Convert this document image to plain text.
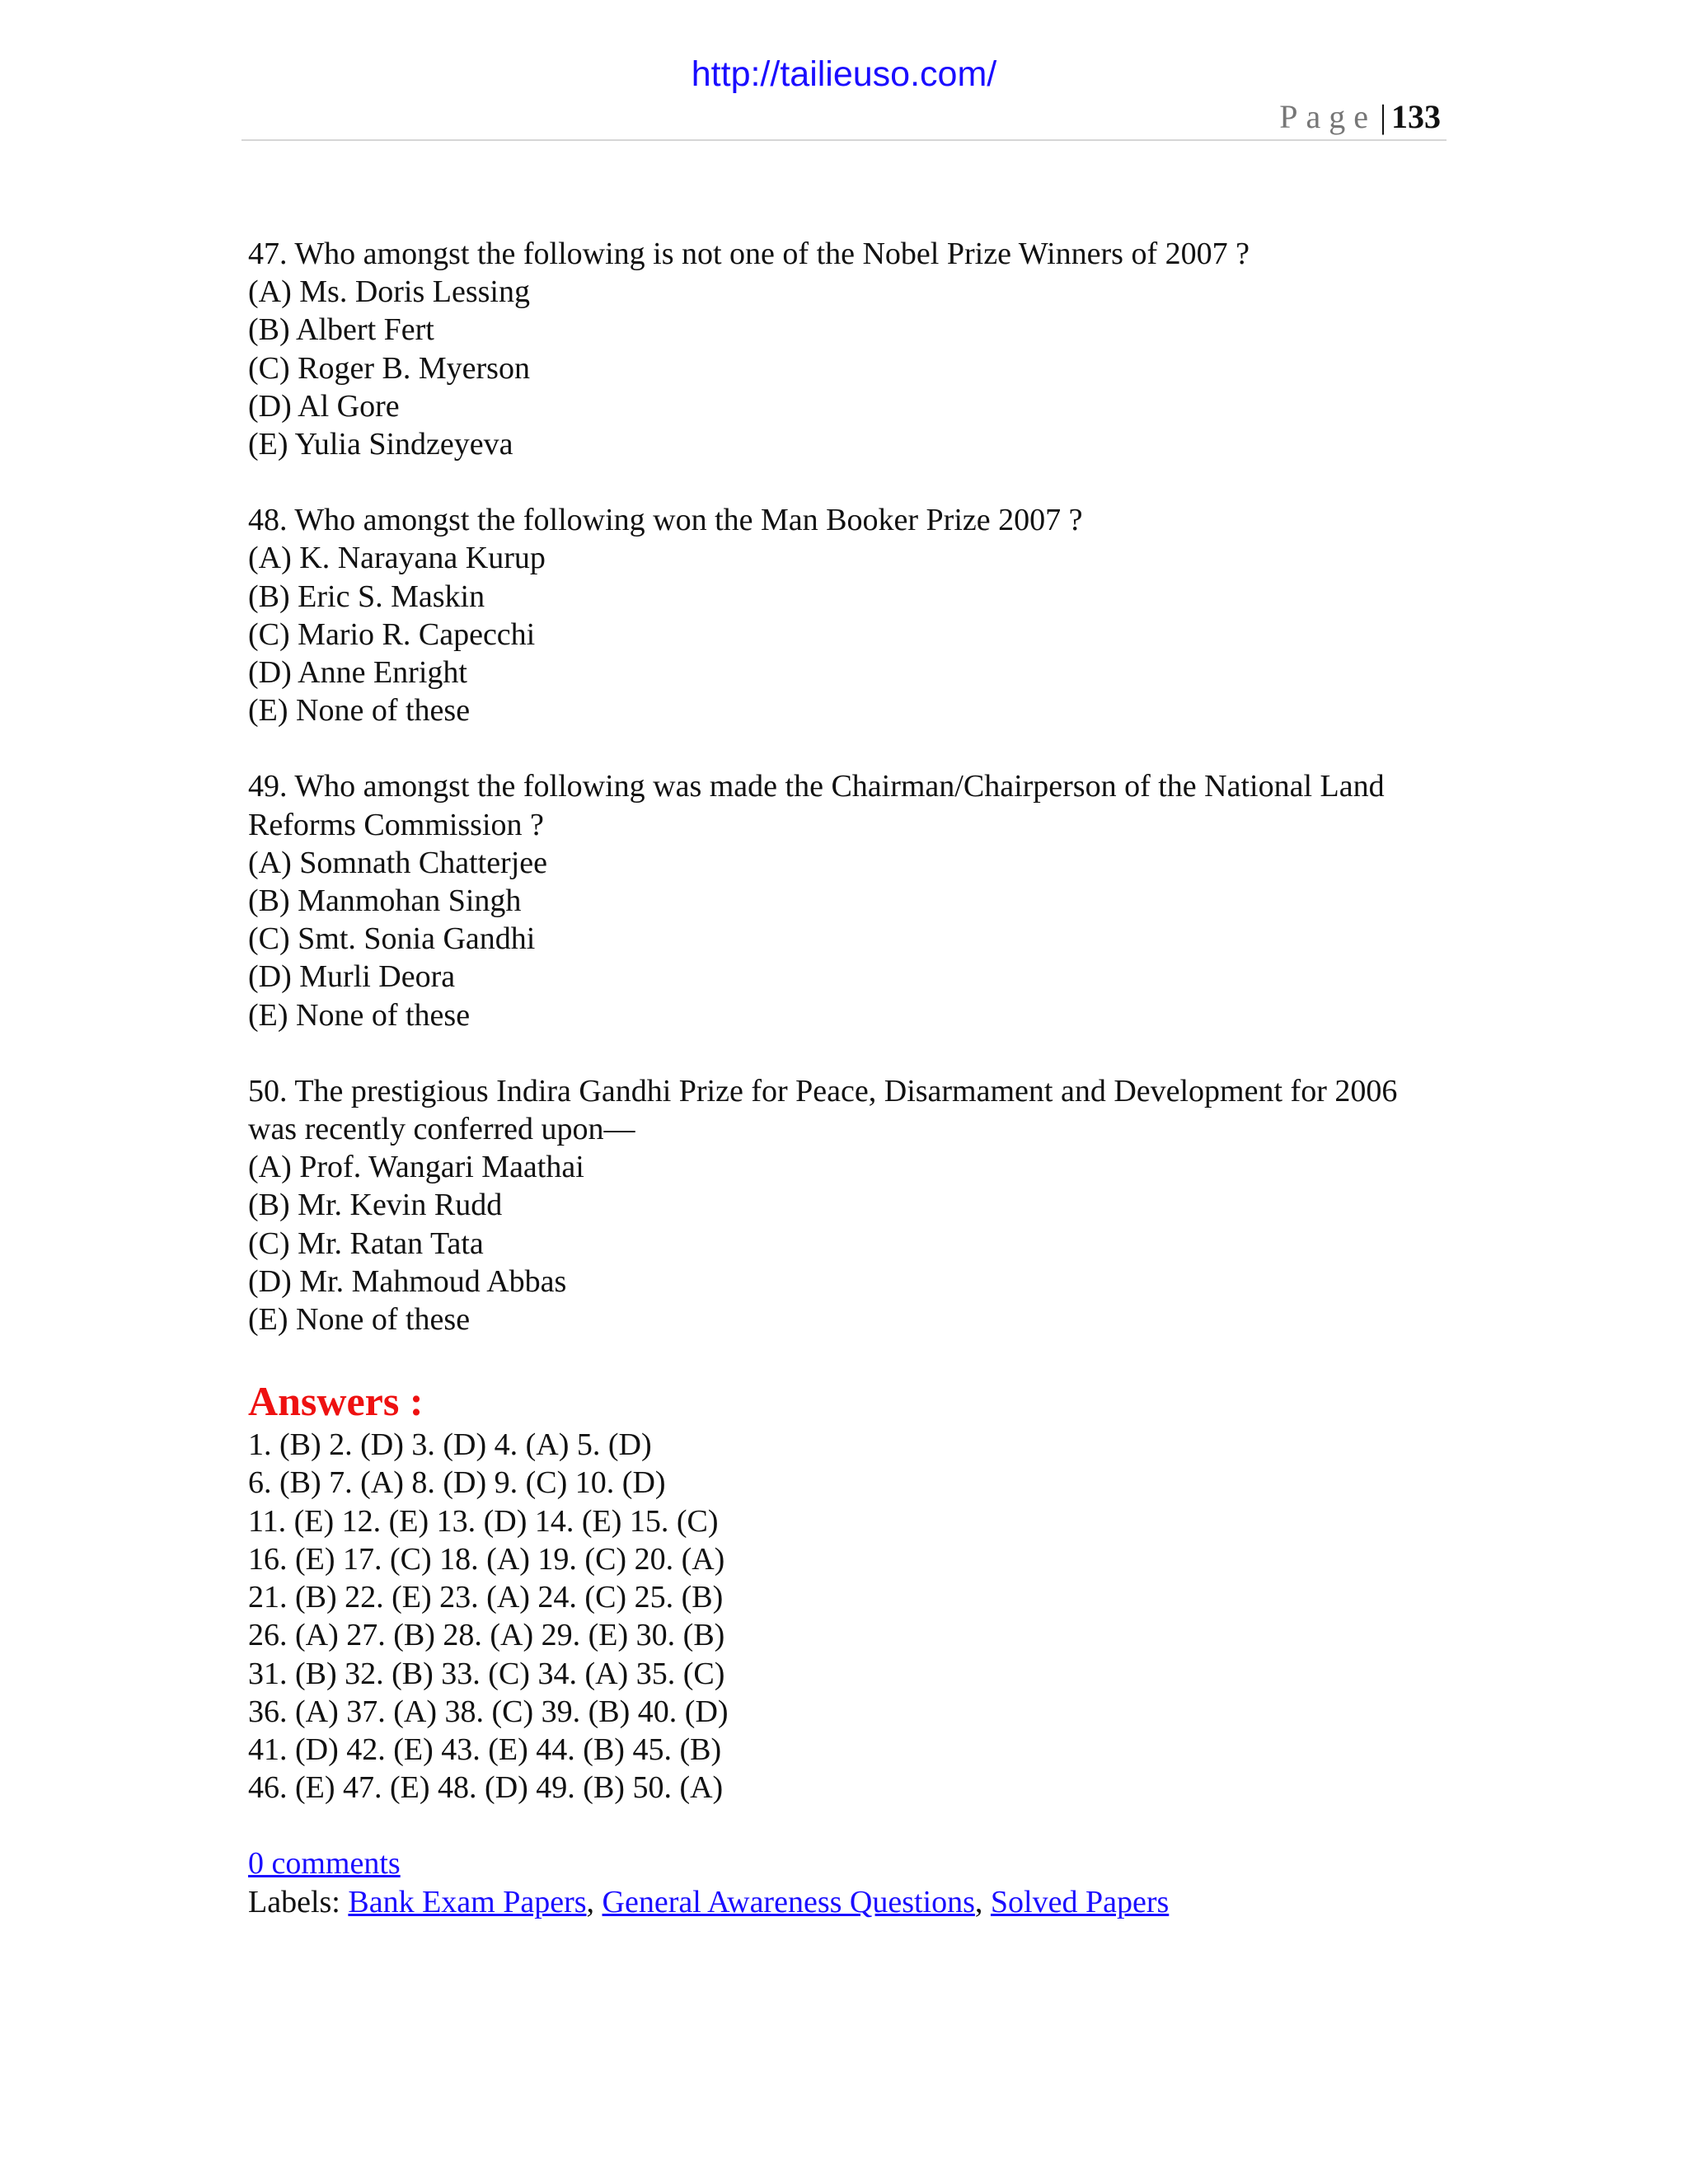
http://tailieuso.com/
Page | 133
47. Who amongst the following is not one of the Nobel Prize Winners of 2007 ?
(A) Ms. Doris Lessing
(B) Albert Fert
(C) Roger B. Myerson
(D) Al Gore
(E) Yulia Sindzeyeva
48. Who amongst the following won the Man Booker Prize 2007 ?
(A) K. Narayana Kurup
(B) Eric S. Maskin
(C) Mario R. Capecchi
(D) Anne Enright
(E) None of these
49. Who amongst the following was made the Chairman/Chairperson of the National Land Reforms Commission ?
(A) Somnath Chatterjee
(B) Manmohan Singh
(C) Smt. Sonia Gandhi
(D) Murli Deora
(E) None of these
50. The prestigious Indira Gandhi Prize for Peace, Disarmament and Development for 2006 was recently conferred upon—
(A) Prof. Wangari Maathai
(B) Mr. Kevin Rudd
(C) Mr. Ratan Tata
(D) Mr. Mahmoud Abbas
(E) None of these
Answers :
1. (B) 2. (D) 3. (D) 4. (A) 5. (D)
6. (B) 7. (A) 8. (D) 9. (C) 10. (D)
11. (E) 12. (E) 13. (D) 14. (E) 15. (C)
16. (E) 17. (C) 18. (A) 19. (C) 20. (A)
21. (B) 22. (E) 23. (A) 24. (C) 25. (B)
26. (A) 27. (B) 28. (A) 29. (E) 30. (B)
31. (B) 32. (B) 33. (C) 34. (A) 35. (C)
36. (A) 37. (A) 38. (C) 39. (B) 40. (D)
41. (D) 42. (E) 43. (E) 44. (B) 45. (B)
46. (E) 47. (E) 48. (D) 49. (B) 50. (A)
0 comments
Labels: Bank Exam Papers, General Awareness Questions, Solved Papers
